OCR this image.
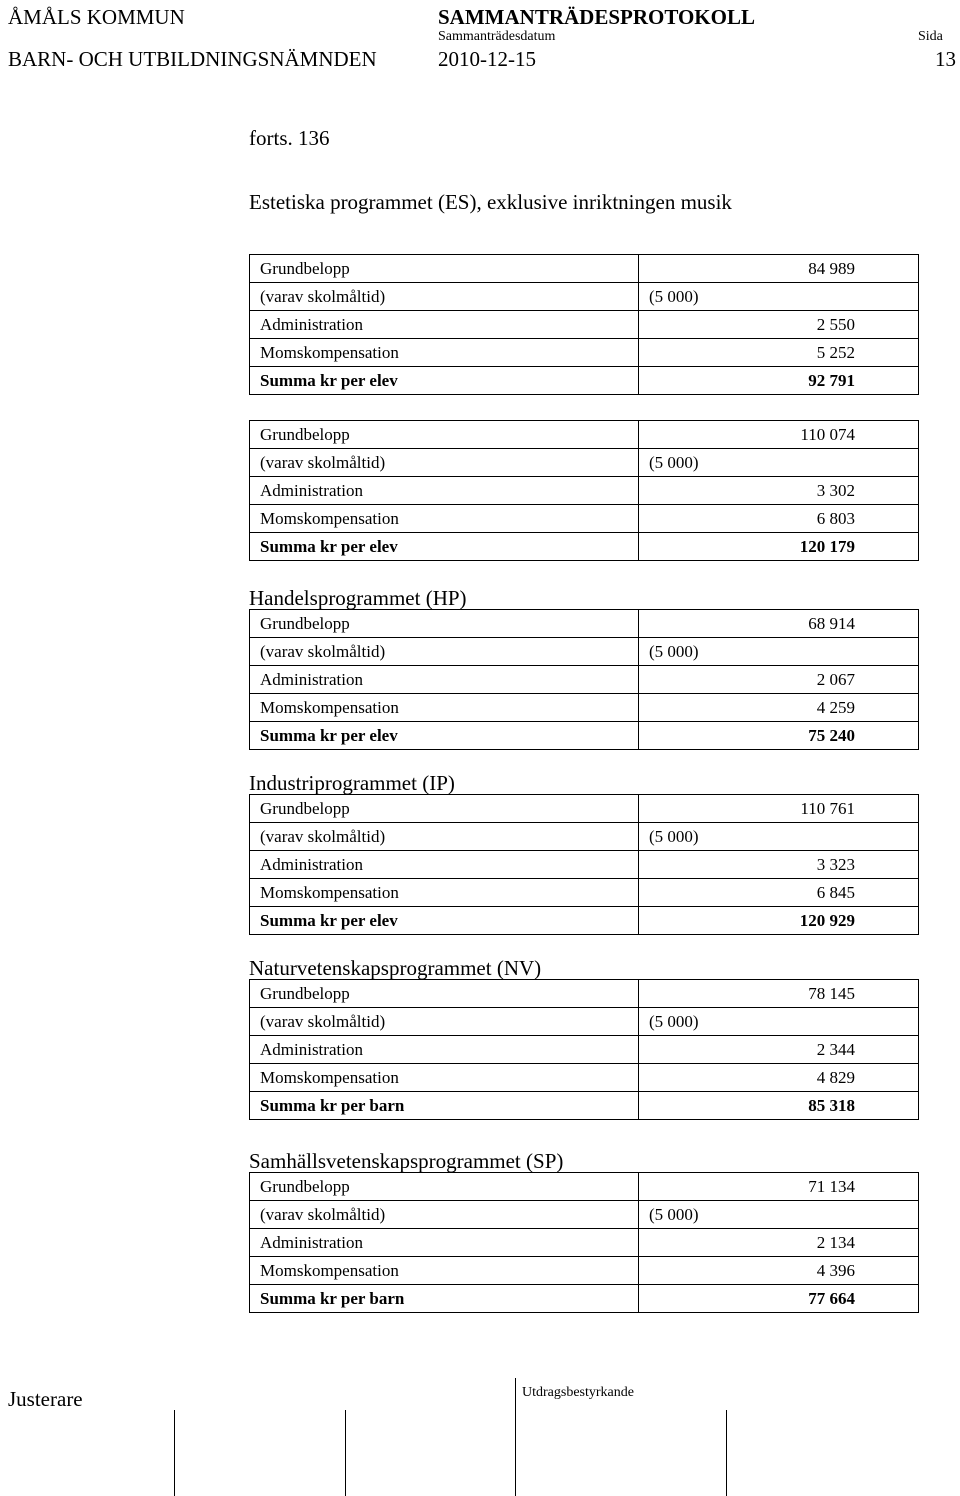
ÅMÅLS KOMMUN
BARN- OCH UTBILDNINGSNÄMNDEN
SAMMANTRÄDESPROTOKOLL
Sammanträdesdatum
2010-12-15
Sida
13
forts. 136
Estetiska programmet (ES), exklusive inriktningen musik
Grundbelopp	84 989

(varav skolmåltid)	(5 000)

Administration	2 550

Momskompensation	5 252

Summa kr per elev	92 791
Grundbelopp	110 074

(varav skolmåltid)	(5 000)

Administration	3 302

Momskompensation	6 803

Summa kr per elev	120 179
Handelsprogrammet (HP)
Grundbelopp	68 914

(varav skolmåltid)	(5 000)

Administration	2 067

Momskompensation	4 259

Summa kr per elev	75 240
Industriprogrammet (IP)
Grundbelopp	110 761

(varav skolmåltid)	(5 000)

Administration	3 323

Momskompensation	6 845

Summa kr per elev	120 929
Naturvetenskapsprogrammet (NV)
Grundbelopp	78 145

(varav skolmåltid)	(5 000)

Administration	2 344

Momskompensation	4 829

Summa kr per barn	85 318
Samhällsvetenskapsprogrammet (SP)
Grundbelopp	71 134

(varav skolmåltid)	(5 000)

Administration	2 134

Momskompensation	4 396

Summa kr per barn	77 664
Justerare	Utdragsbestyrkande
